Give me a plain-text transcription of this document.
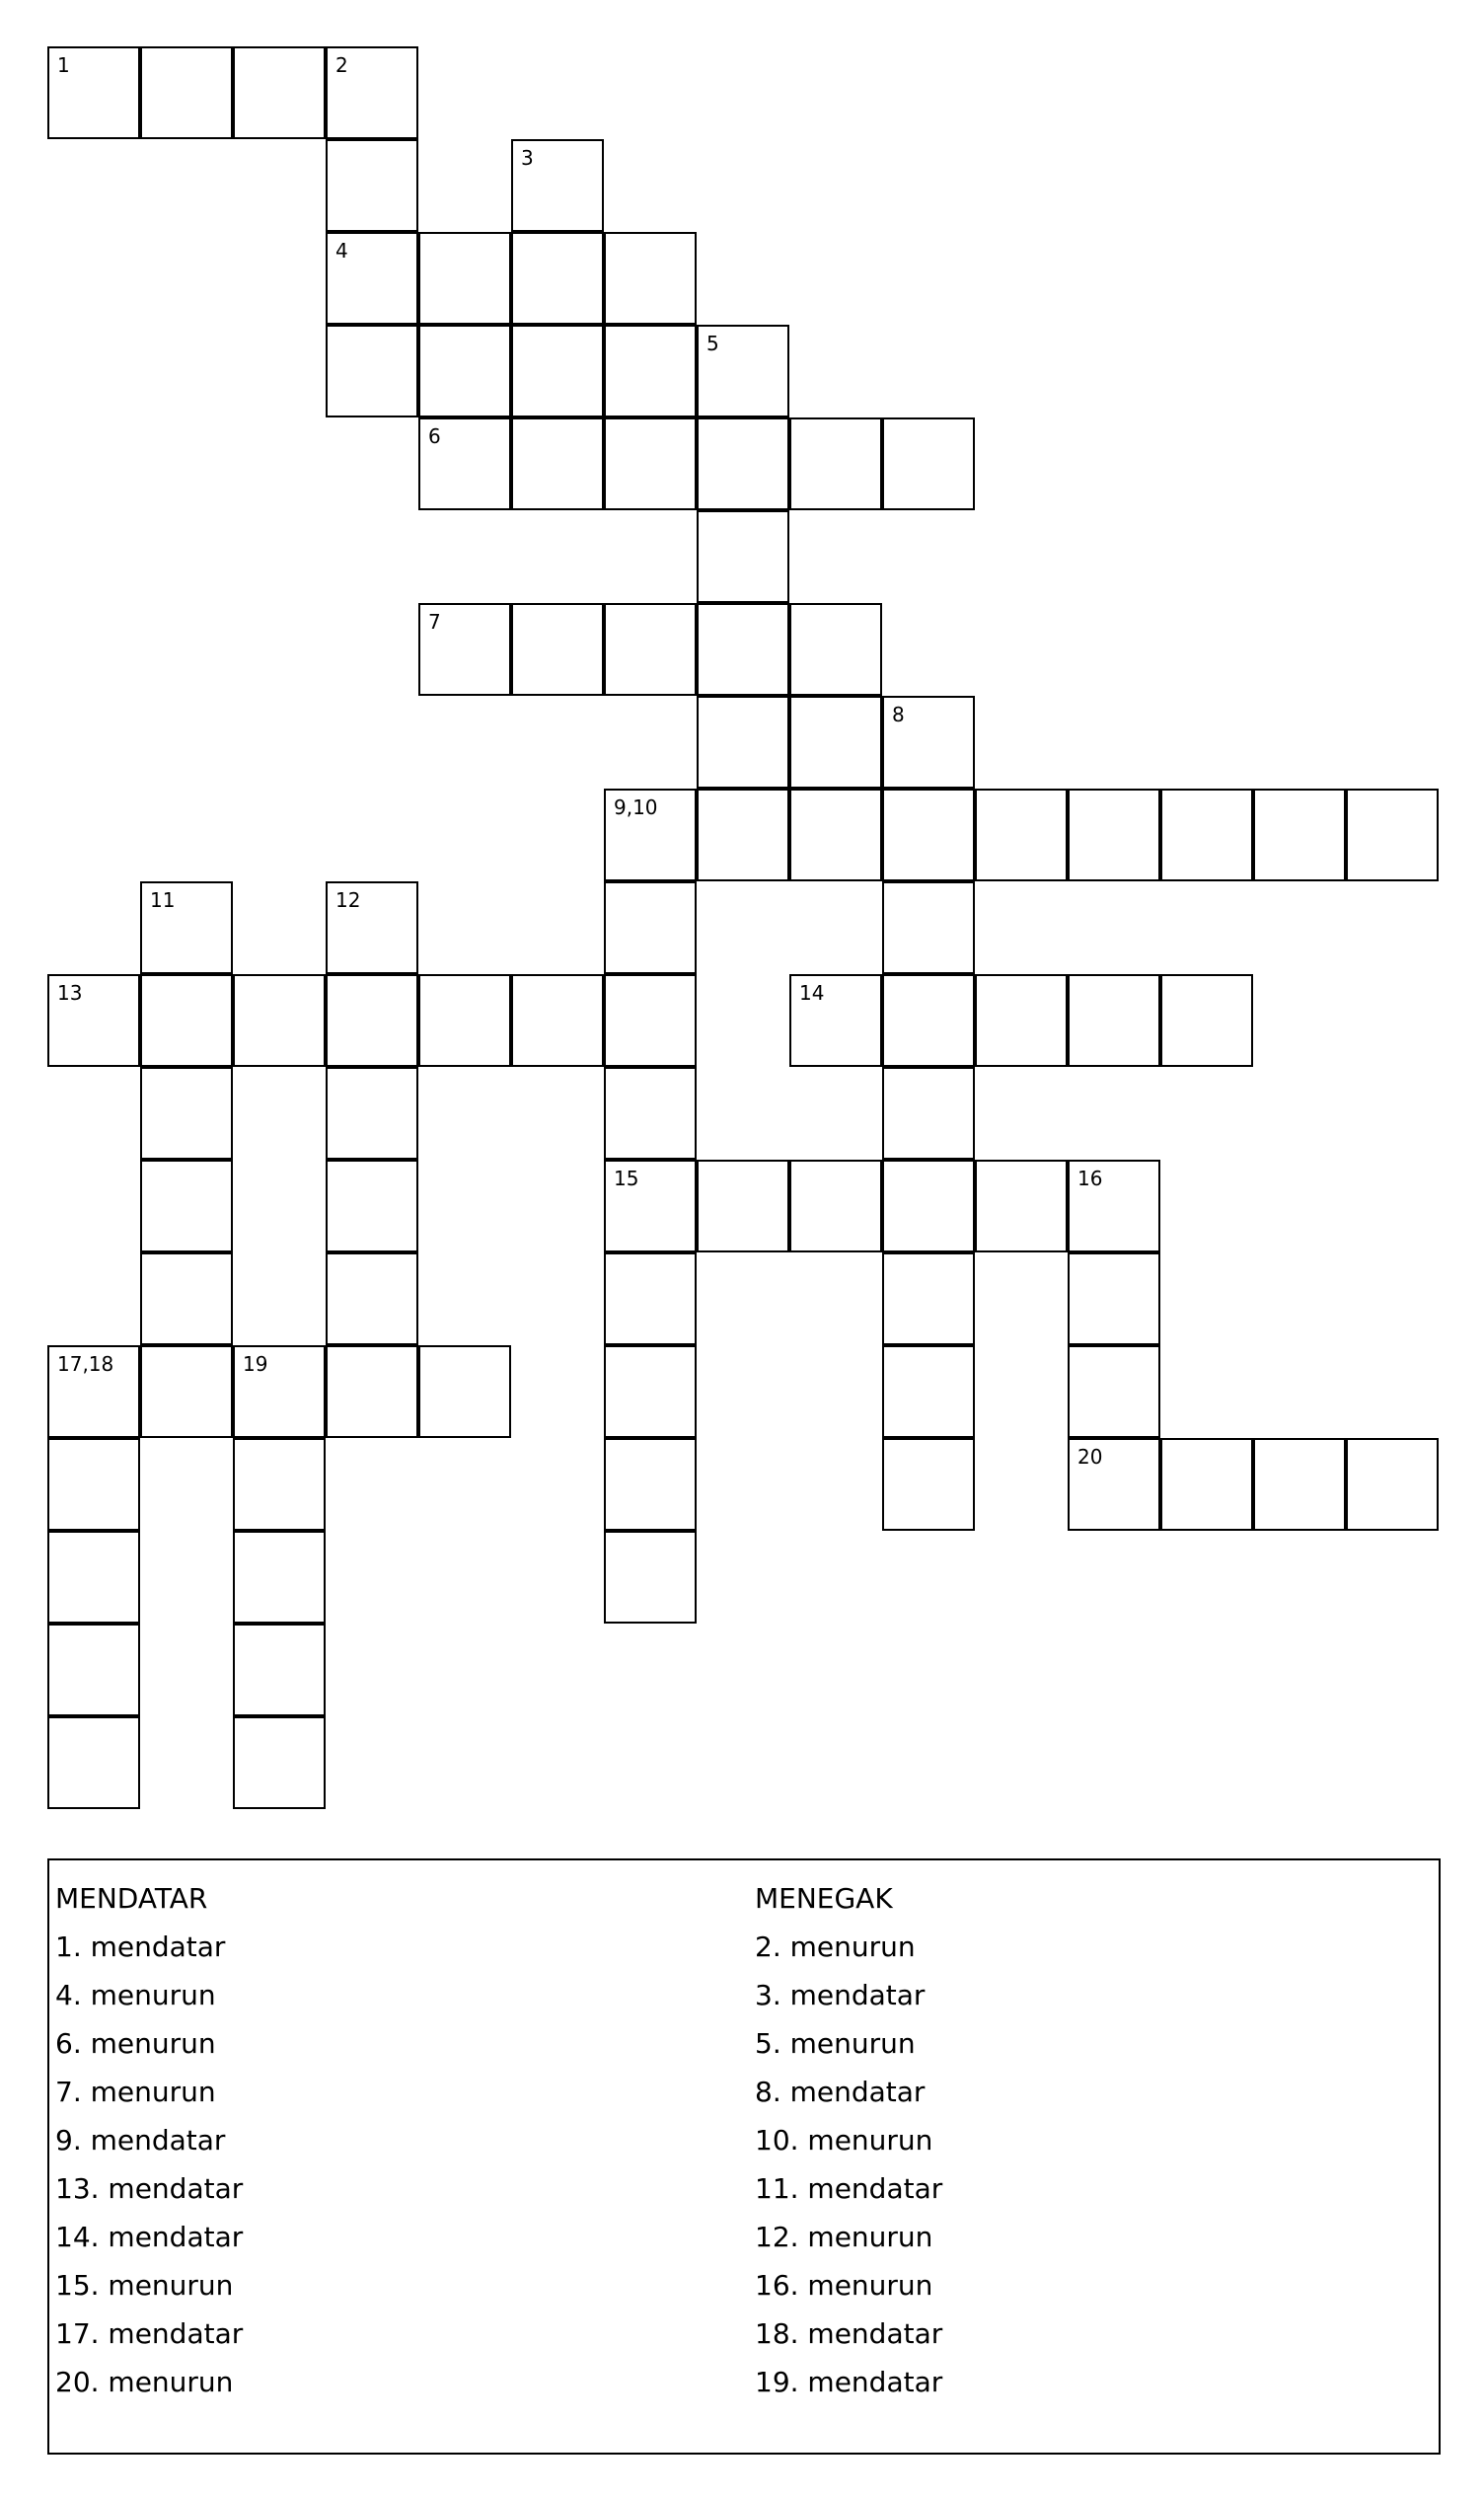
1	2
3
4
5
6
7
8
9,10
11	12
13	14
15	16
17,18	19
20
MENDATAR
1. mendatar
4. menurun
6. menurun
7. menurun
9. mendatar
13. mendatar
14. mendatar
15. menurun
17. mendatar
20. menurun
MENEGAK
2. menurun
3. mendatar
5. menurun
8. mendatar
10. menurun
11. mendatar
12. menurun
16. menurun
18. mendatar
19. mendatar
